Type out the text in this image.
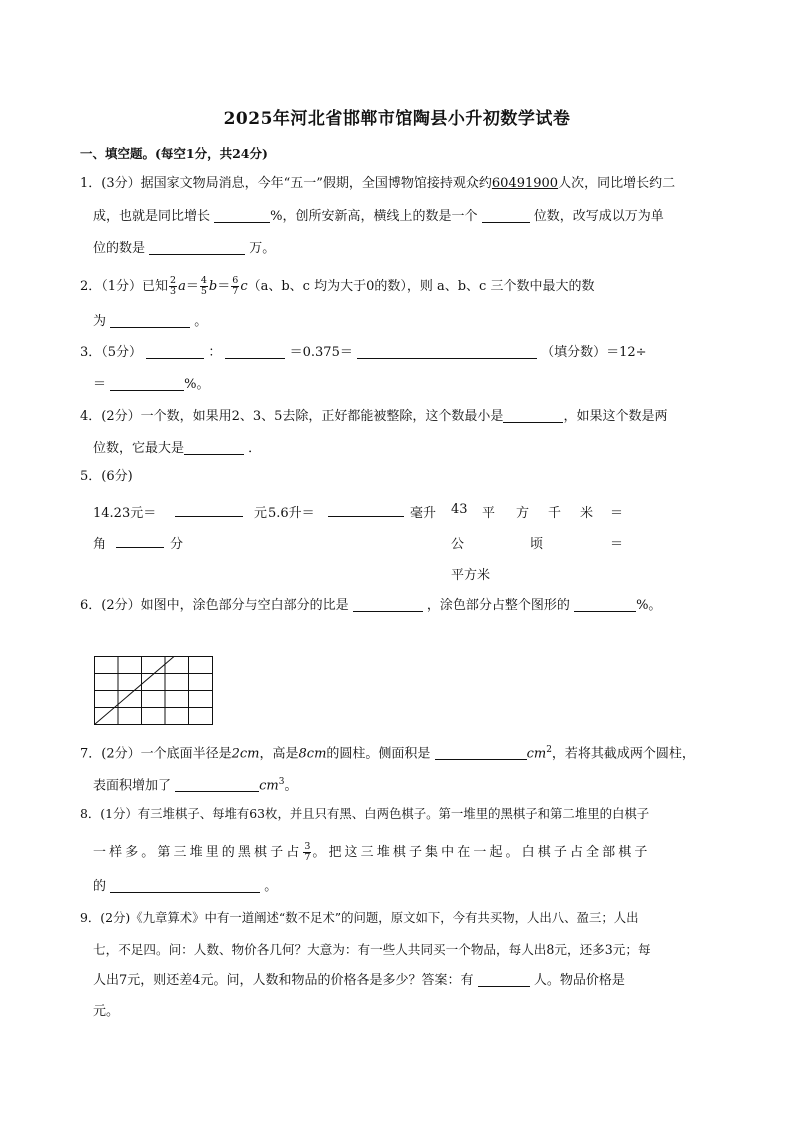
2025年河北省邯郸市馆陶县小升初数学试卷
一、填空题。(每空1分，共24分)
1．(3分）据国家文物局消息，今年“五一”假期，全国博物馆接持观众约60491900人次，同比增长约二
成，也就是同比增长	%，创所安新高，横线上的数是一个	位数，改写成以万为单
位的数是	万。
2．（1分）已知 $\frac{2}{3} a= \frac{4}{5} b= \frac{6}{7} c(a$、b、c 均为大于0的数），则 a、b、c 三个数中最大的数
为	。
3．（5分）	：	＝0.375＝	（填分数）＝12÷
＝	%。
4．(2分）一个数，如果用2、3、5去除，正好都能被整除，这个数最小是	，如果这个数是两
位数，它最大是	．
5．(6分)
14.23元＝	元 5.6升＝	毫升 43 平 方 千 米 ＝
角	分	公	顷	＝
平方米
6．(2分）如图中，涂色部分与空白部分的比是	，涂色部分占整个图形的	%。
7．(2分）一个底面半径是2cm，高是8cm的圆柱。侧面积是	$cm^2$，若将其截成两个圆柱，
表面积增加了	$cm^3$。
8．(1分）有三堆棋子、每堆有63枚，并且只有黑、白两色棋子。第一堆里的黑棋子和第二堆里的白棋子
一样多。第三堆里的黑棋子占 $\frac{3}{7}$ 。把这三堆棋子集中在一起。白棋子占全部棋子
的	。
9．(2分)《九章算术》中有一道阐述“数不足术”的问题，原文如下，今有共买物，人出八、盈三；人出
七，不足四。问：人数、物价各几何？大意为：有一些人共同买一个物品，每人出8元，还多3元；每
人出7元，则还差4元。问，人数和物品的价格各是多少？答案：有	人。物品价格是
元。
